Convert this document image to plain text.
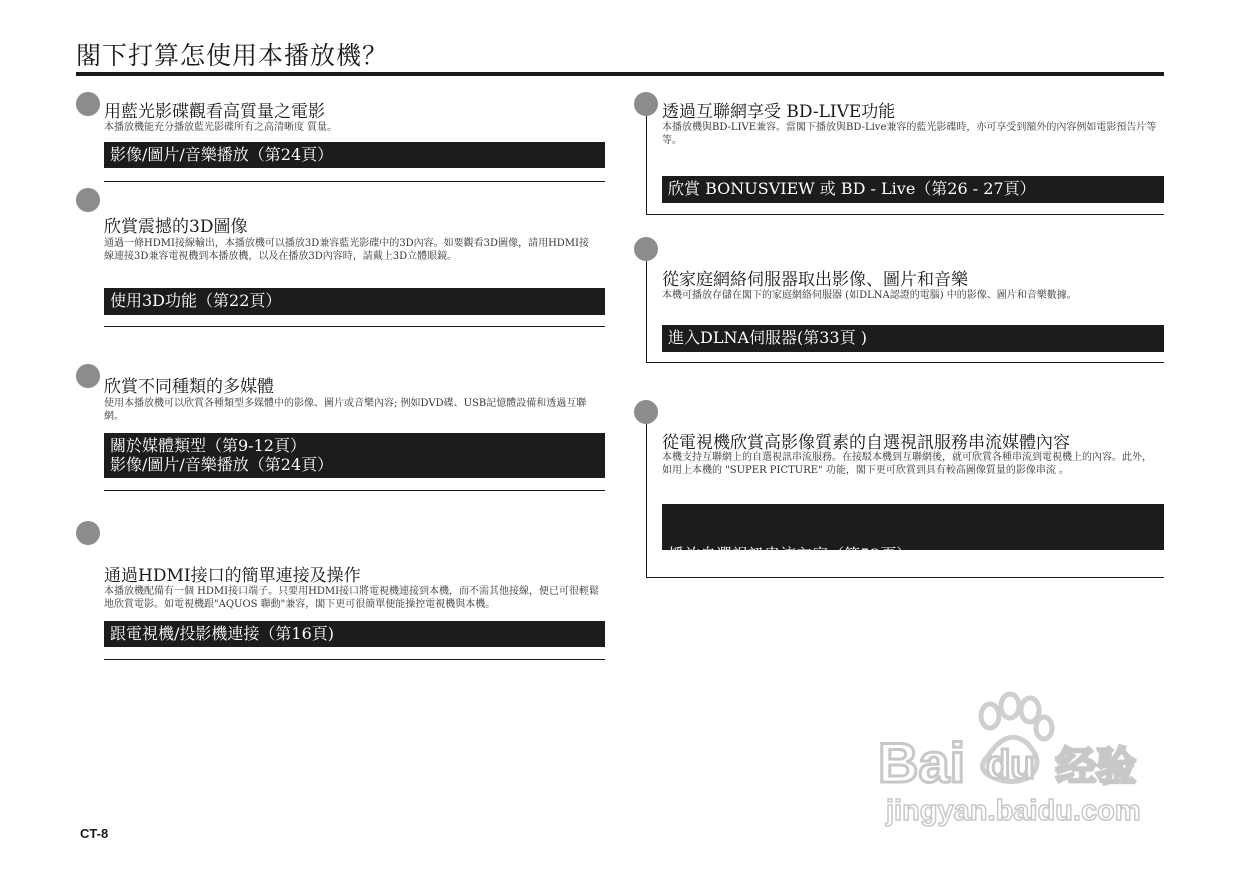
閣下打算怎使用本播放機？
用藍光影碟觀看高質量之電影
本播放機能充分播放藍光影碟所有之高清晰度 質量。
影像/圖片/音樂播放（第24頁）
欣賞震撼的3D圖像
通過一條HDMI接線輸出，本播放機可以播放3D兼容藍光影碟中的3D內容。如要觀看3D圖像，請用HDMI接線連接3D兼容電視機到本播放機，以及在播放3D內容時，請戴上3D立體眼鏡。
使用3D功能（第22頁）
欣賞不同種類的多媒體
使用本播放機可以欣賞各種類型多媒體中的影像、圖片或音樂內容; 例如DVD碟、USB記憶體設備和透過互聯網。
關於媒體類型（第9-12頁）
影像/圖片/音樂播放（第24頁）
通過HDMI接口的簡單連接及操作
本播放機配備有一個 HDMI接口端子。只要用HDMI接口將電視機連接到本機，而不需其他接線，便已可很輕鬆地欣賞電影。如電視機跟"AQUOS 聯動"兼容，閣下更可很簡單便能操控電視機與本機。
跟電視機/投影機連接（第16頁)
透過互聯網享受 BD-LIVE功能
本播放機與BD-LIVE兼容。當閣下播放與BD-Live兼容的藍光影碟時，亦可享受到額外的內容例如電影預告片等等。
欣賞 BONUSVIEW 或 BD - Live（第26 - 27頁）
從家庭網絡伺服器取出影像、圖片和音樂
本機可播放存儲在閣下的家庭網絡伺服器 (如DLNA認證的電腦) 中的影像、圖片和音樂數據。
進入DLNA伺服器(第33頁 )
從電視機欣賞高影像質素的自選視訊服務串流媒體內容
本機支持互聯網上的自選視訊串流服務。在接駁本機到互聯網後，就可欣賞各種串流到電視機上的內容。此外，如用上本機的 "SUPER PICTURE" 功能，閣下更可欣賞到具有較高圖像質量的影像串流 。

播放自選視訊串流內容（第52頁）

"SUPER PICTURE"（第42頁）

CT-8
Bai du 经验
jingyan.baidu.com
